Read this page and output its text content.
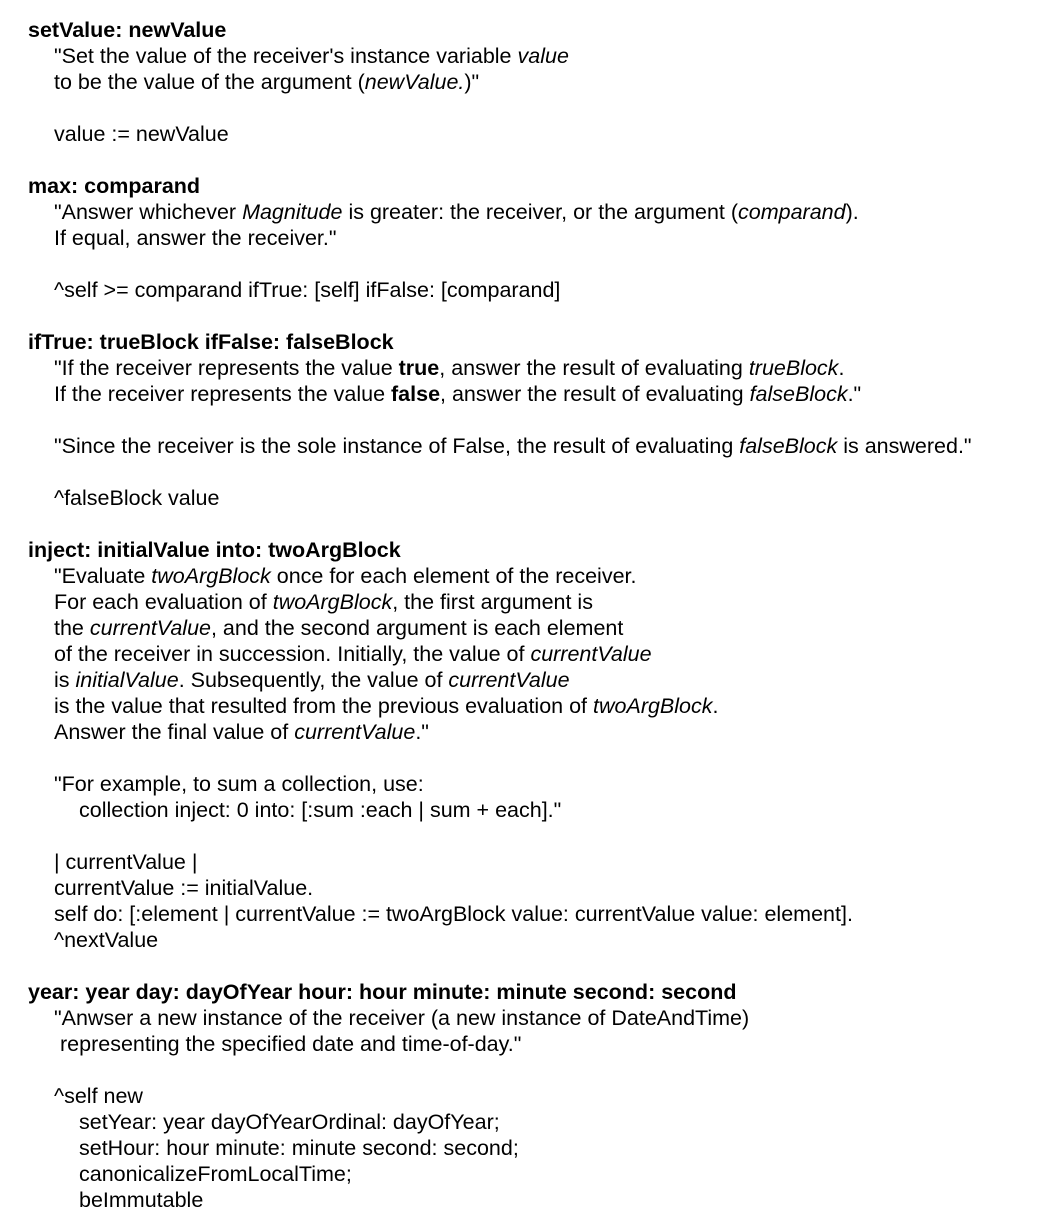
setValue: newValue
"Set the value of the receiver's instance variable value
to be the value of the argument (newValue.)"
value := newValue
max: comparand
"Answer whichever Magnitude is greater: the receiver, or the argument (comparand).
If equal, answer the receiver."
^self >= comparand ifTrue: [self] ifFalse: [comparand]
ifTrue: trueBlock ifFalse: falseBlock
"If the receiver represents the value true, answer the result of evaluating trueBlock.
If the receiver represents the value false, answer the result of evaluating falseBlock."
"Since the receiver is the sole instance of False, the result of evaluating falseBlock is answered."
^falseBlock value
inject: initialValue into: twoArgBlock
"Evaluate twoArgBlock once for each element of the receiver.
For each evaluation of twoArgBlock, the first argument is
the currentValue, and the second argument is each element
of the receiver in succession. Initially, the value of currentValue
is initialValue. Subsequently, the value of currentValue
is the value that resulted from the previous evaluation of twoArgBlock.
Answer the final value of currentValue."
"For example, to sum a collection, use:
collection inject: 0 into: [:sum :each | sum + each]."
| currentValue |
currentValue := initialValue.
self do: [:element | currentValue := twoArgBlock value: currentValue value: element].
^nextValue
year: year day: dayOfYear hour: hour minute: minute second: second
"Anwser a new instance of the receiver (a new instance of DateAndTime)
representing the specified date and time-of-day."
^self new
setYear: year dayOfYearOrdinal: dayOfYear;
setHour: hour minute: minute second: second;
canonicalizeFromLocalTime;
beImmutable
